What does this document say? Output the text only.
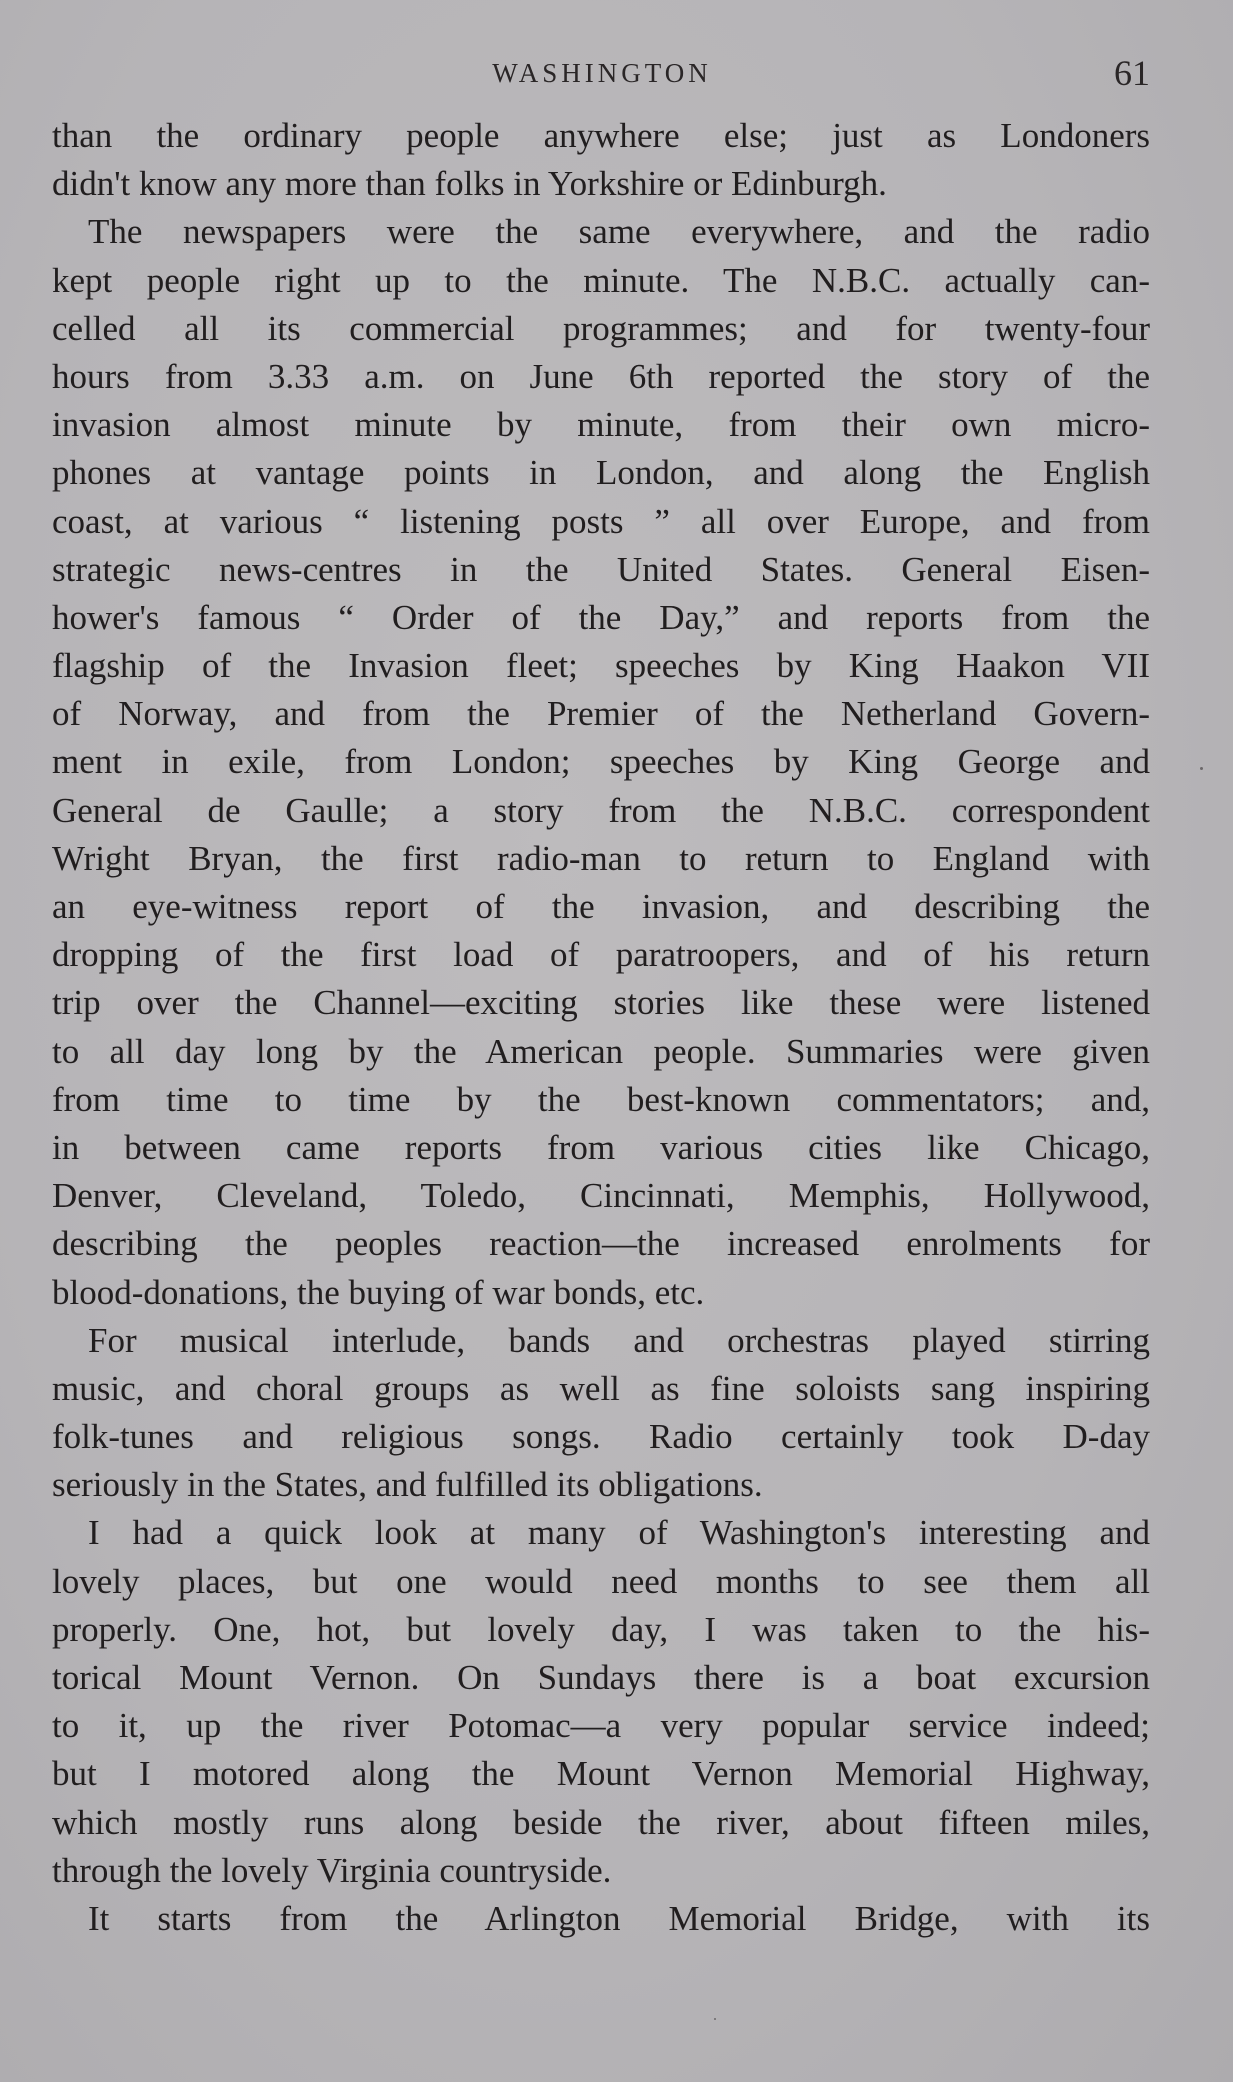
WASHINGTON	61
than the ordinary people anywhere else; just as Londoners
didn't know any more than folks in Yorkshire or Edinburgh.
The newspapers were the same everywhere, and the radio
kept people right up to the minute. The N.B.C. actually can-
celled all its commercial programmes; and for twenty-four
hours from 3.33 a.m. on June 6th reported the story of the
invasion almost minute by minute, from their own micro-
phones at vantage points in London, and along the English
coast, at various “ listening posts ” all over Europe, and from
strategic news-centres in the United States. General Eisen-
hower's famous “ Order of the Day,” and reports from the
flagship of the Invasion fleet; speeches by King Haakon VII
of Norway, and from the Premier of the Netherland Govern-
ment in exile, from London; speeches by King George and
General de Gaulle; a story from the N.B.C. correspondent
Wright Bryan, the first radio-man to return to England with
an eye-witness report of the invasion, and describing the
dropping of the first load of paratroopers, and of his return
trip over the Channel—exciting stories like these were listened
to all day long by the American people. Summaries were given
from time to time by the best-known commentators; and,
in between came reports from various cities like Chicago,
Denver, Cleveland, Toledo, Cincinnati, Memphis, Hollywood,
describing the peoples reaction—the increased enrolments for
blood-donations, the buying of war bonds, etc.
For musical interlude, bands and orchestras played stirring
music, and choral groups as well as fine soloists sang inspiring
folk-tunes and religious songs. Radio certainly took D-day
seriously in the States, and fulfilled its obligations.
I had a quick look at many of Washington's interesting and
lovely places, but one would need months to see them all
properly. One, hot, but lovely day, I was taken to the his-
torical Mount Vernon. On Sundays there is a boat excursion
to it, up the river Potomac—a very popular service indeed;
but I motored along the Mount Vernon Memorial Highway,
which mostly runs along beside the river, about fifteen miles,
through the lovely Virginia countryside.
It starts from the Arlington Memorial Bridge, with its
